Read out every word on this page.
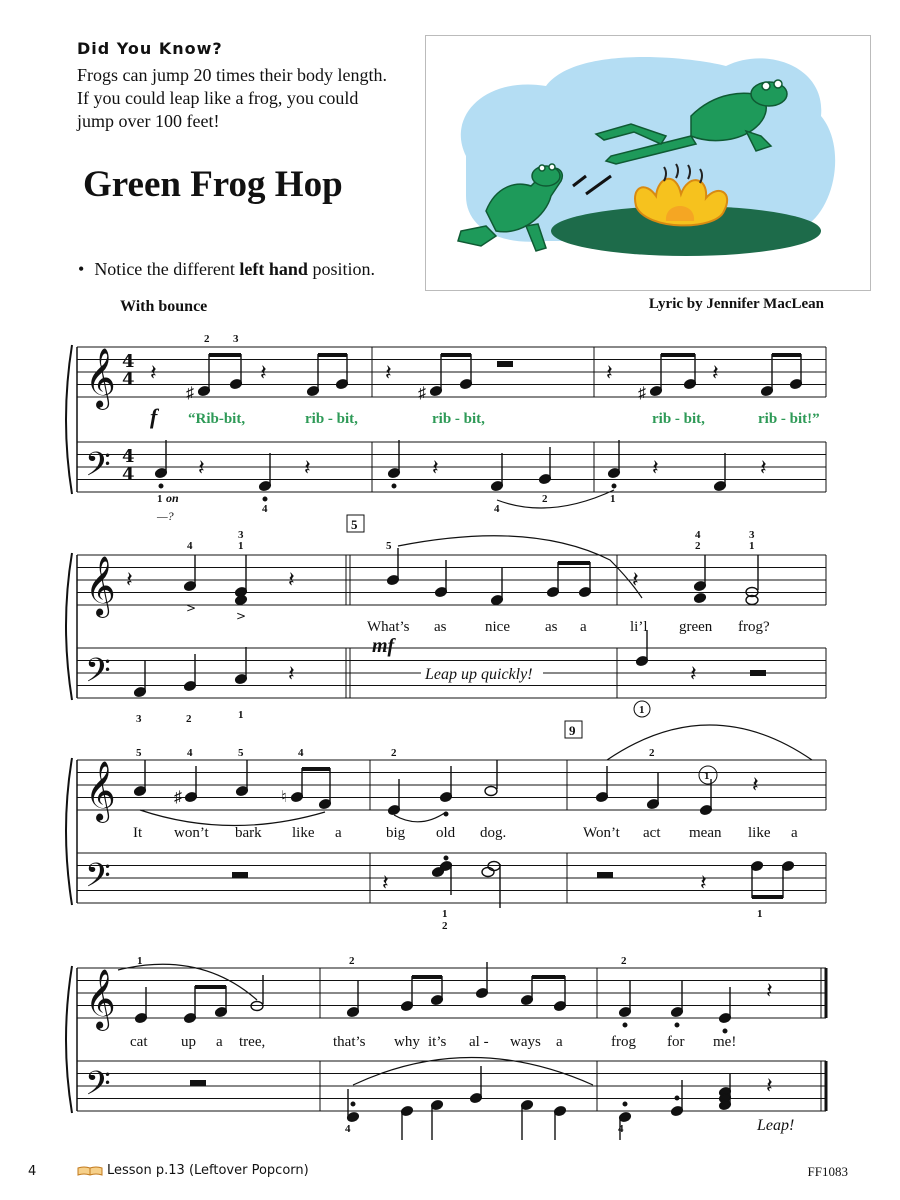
Did You Know?
Frogs can jump 20 times their body length.
If you could leap like a frog, you could
jump over 100 feet!
Green Frog Hop
• Notice the different left hand position.
With bounce	Lyric by Jennifer MacLean
𝄞
𝄢
4
4
4
4
𝄽
♯
𝄽	𝄽
♯
𝄽
♯
𝄽
𝄽	𝄽	𝄽	𝄽	𝄽
2 3
f “Rib-bit,	rib - bit,	rib - bit,	rib - bit,	rib - bit!”
1 on
—?	4	4
2	1
𝄞
𝄢
𝄽	𝄽	𝄽
𝄽	𝄽
5
4
3
1	5
4
2
3
1
>
>
What’s as	nice as a	li’l green frog?
mf
Leap up quickly!
3	2	1	1
𝄞
𝄢
♯	♮
𝄽
𝄽	𝄽
9
5	4	5	4	2	2
1
It won’t bark like a	big old dog.	Won’t act mean like a
1
2
1
𝄞
𝄢
𝄽
𝄽
1	2	2
cat up a tree,	that’s why it’s al - ways a	frog for me!
4	4	Leap!
4	Lesson p.13 (Leftover Popcorn)	FF1083
